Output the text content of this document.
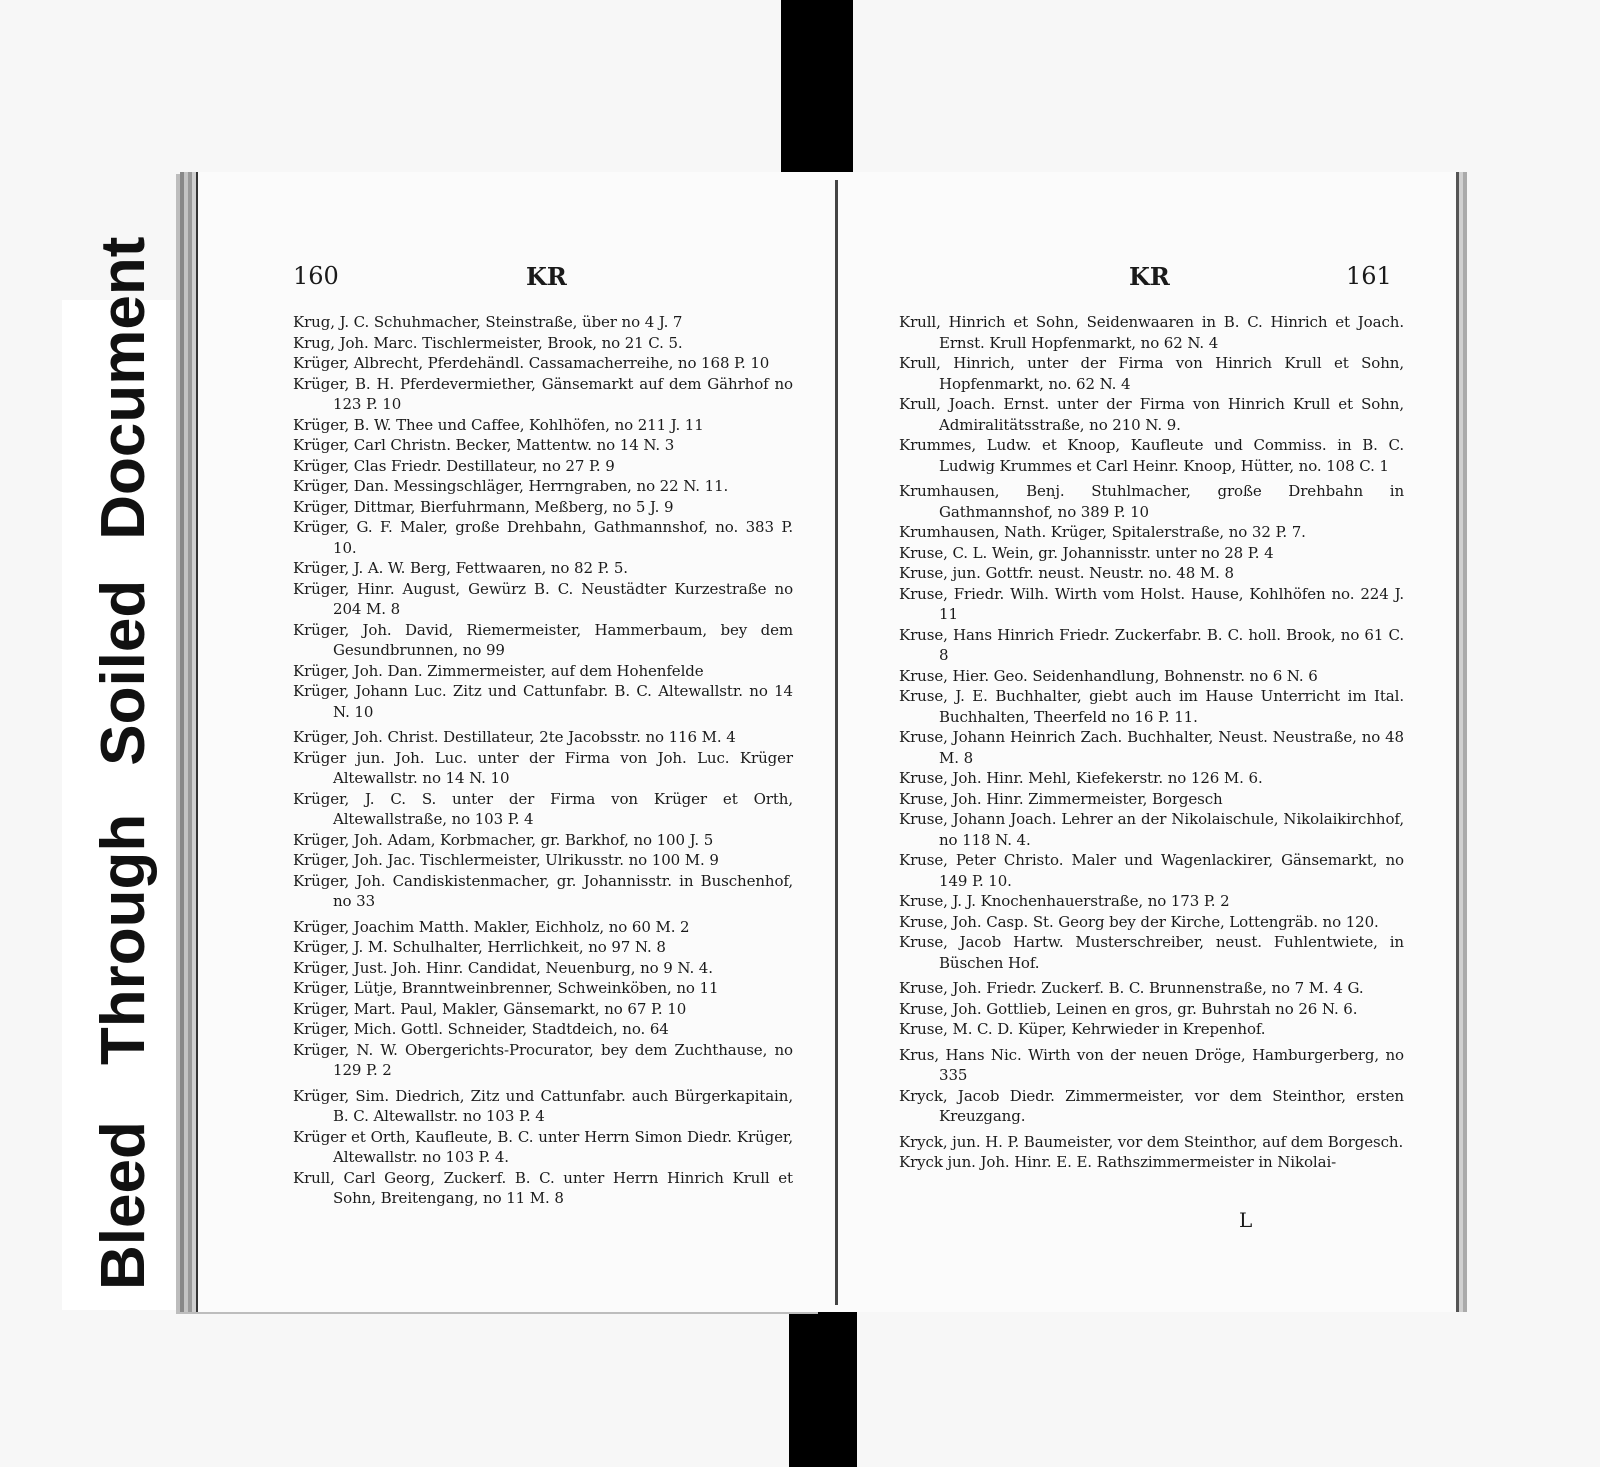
Bleed
Through
Soiled
Document	160	KR	KR	161
Krug, J. C. Schuhmacher, Steinstraße, über no 4 J. 7
Krug, Joh. Marc. Tischlermeister, Brook, no 21 C. 5.
Krüger, Albrecht, Pferdehändl. Cassamacherreihe, no 168 P. 10
Krüger, B. H. Pferdevermiether, Gänsemarkt auf dem Gährhof no 123 P. 10
Krüger, B. W. Thee und Caffee, Kohlhöfen, no 211 J. 11
Krüger, Carl Christn. Becker, Mattentw. no 14 N. 3
Krüger, Clas Friedr. Destillateur, no 27 P. 9
Krüger, Dan. Messingschläger, Herrngraben, no 22 N. 11.
Krüger, Dittmar, Bierfuhrmann, Meßberg, no 5 J. 9
Krüger, G. F. Maler, große Drehbahn, Gathmannshof, no. 383 P. 10.
Krüger, J. A. W. Berg, Fettwaaren, no 82 P. 5.
Krüger, Hinr. August, Gewürz B. C. Neustädter Kurzestraße no 204 M. 8
Krüger, Joh. David, Riemermeister, Hammerbaum, bey dem Gesundbrunnen, no 99
Krüger, Joh. Dan. Zimmermeister, auf dem Hohenfelde
Krüger, Johann Luc. Zitz und Cattunfabr. B. C. Altewallstr. no 14 N. 10
Krüger, Joh. Christ. Destillateur, 2te Jacobsstr. no 116 M. 4
Krüger jun. Joh. Luc. unter der Firma von Joh. Luc. Krüger Altewallstr. no 14 N. 10
Krüger, J. C. S. unter der Firma von Krüger et Orth, Altewallstraße, no 103 P. 4
Krüger, Joh. Adam, Korbmacher, gr. Barkhof, no 100 J. 5
Krüger, Joh. Jac. Tischlermeister, Ulrikusstr. no 100 M. 9
Krüger, Joh. Candiskistenmacher, gr. Johannisstr. in Buschenhof, no 33
Krüger, Joachim Matth. Makler, Eichholz, no 60 M. 2
Krüger, J. M. Schulhalter, Herrlichkeit, no 97 N. 8
Krüger, Just. Joh. Hinr. Candidat, Neuenburg, no 9 N. 4.
Krüger, Lütje, Branntweinbrenner, Schweinköben, no 11
Krüger, Mart. Paul, Makler, Gänsemarkt, no 67 P. 10
Krüger, Mich. Gottl. Schneider, Stadtdeich, no. 64
Krüger, N. W. Obergerichts-Procurator, bey dem Zuchthause, no 129 P. 2
Krüger, Sim. Diedrich, Zitz und Cattunfabr. auch Bürgerkapitain, B. C. Altewallstr. no 103 P. 4
Krüger et Orth, Kaufleute, B. C. unter Herrn Simon Diedr. Krüger, Altewallstr. no 103 P. 4.
Krull, Carl Georg, Zuckerf. B. C. unter Herrn Hinrich Krull et Sohn, Breitengang, no 11 M. 8
Krull, Hinrich et Sohn, Seidenwaaren in B. C. Hinrich et Joach. Ernst. Krull Hopfenmarkt, no 62 N. 4
Krull, Hinrich, unter der Firma von Hinrich Krull et Sohn, Hopfenmarkt, no. 62 N. 4
Krull, Joach. Ernst. unter der Firma von Hinrich Krull et Sohn, Admiralitätsstraße, no 210 N. 9.
Krummes, Ludw. et Knoop, Kaufleute und Commiss. in B. C. Ludwig Krummes et Carl Heinr. Knoop, Hütter, no. 108 C. 1
Krumhausen, Benj. Stuhlmacher, große Drehbahn in Gathmannshof, no 389 P. 10
Krumhausen, Nath. Krüger, Spitalerstraße, no 32 P. 7.
Kruse, C. L. Wein, gr. Johannisstr. unter no 28 P. 4
Kruse, jun. Gottfr. neust. Neustr. no. 48 M. 8
Kruse, Friedr. Wilh. Wirth vom Holst. Hause, Kohlhöfen no. 224 J. 11
Kruse, Hans Hinrich Friedr. Zuckerfabr. B. C. holl. Brook, no 61 C. 8
Kruse, Hier. Geo. Seidenhandlung, Bohnenstr. no 6 N. 6
Kruse, J. E. Buchhalter, giebt auch im Hause Unterricht im Ital. Buchhalten, Theerfeld no 16 P. 11.
Kruse, Johann Heinrich Zach. Buchhalter, Neust. Neustraße, no 48 M. 8
Kruse, Joh. Hinr. Mehl, Kiefekerstr. no 126 M. 6.
Kruse, Joh. Hinr. Zimmermeister, Borgesch
Kruse, Johann Joach. Lehrer an der Nikolaischule, Nikolaikirchhof, no 118 N. 4.
Kruse, Peter Christo. Maler und Wagenlackirer, Gänsemarkt, no 149 P. 10.
Kruse, J. J. Knochenhauerstraße, no 173 P. 2
Kruse, Joh. Casp. St. Georg bey der Kirche, Lottengräb. no 120.
Kruse, Jacob Hartw. Musterschreiber, neust. Fuhlentwiete, in Büschen Hof.
Kruse, Joh. Friedr. Zuckerf. B. C. Brunnenstraße, no 7 M. 4 G.
Kruse, Joh. Gottlieb, Leinen en gros, gr. Buhrstah no 26 N. 6.
Kruse, M. C. D. Küper, Kehrwieder in Krepenhof.
Krus, Hans Nic. Wirth von der neuen Dröge, Hamburgerberg, no 335
Kryck, Jacob Diedr. Zimmermeister, vor dem Steinthor, ersten Kreuzgang.
Kryck, jun. H. P. Baumeister, vor dem Steinthor, auf dem Borgesch.
Kryck jun. Joh. Hinr. E. E. Rathszimmermeister in Nikolai-
L
